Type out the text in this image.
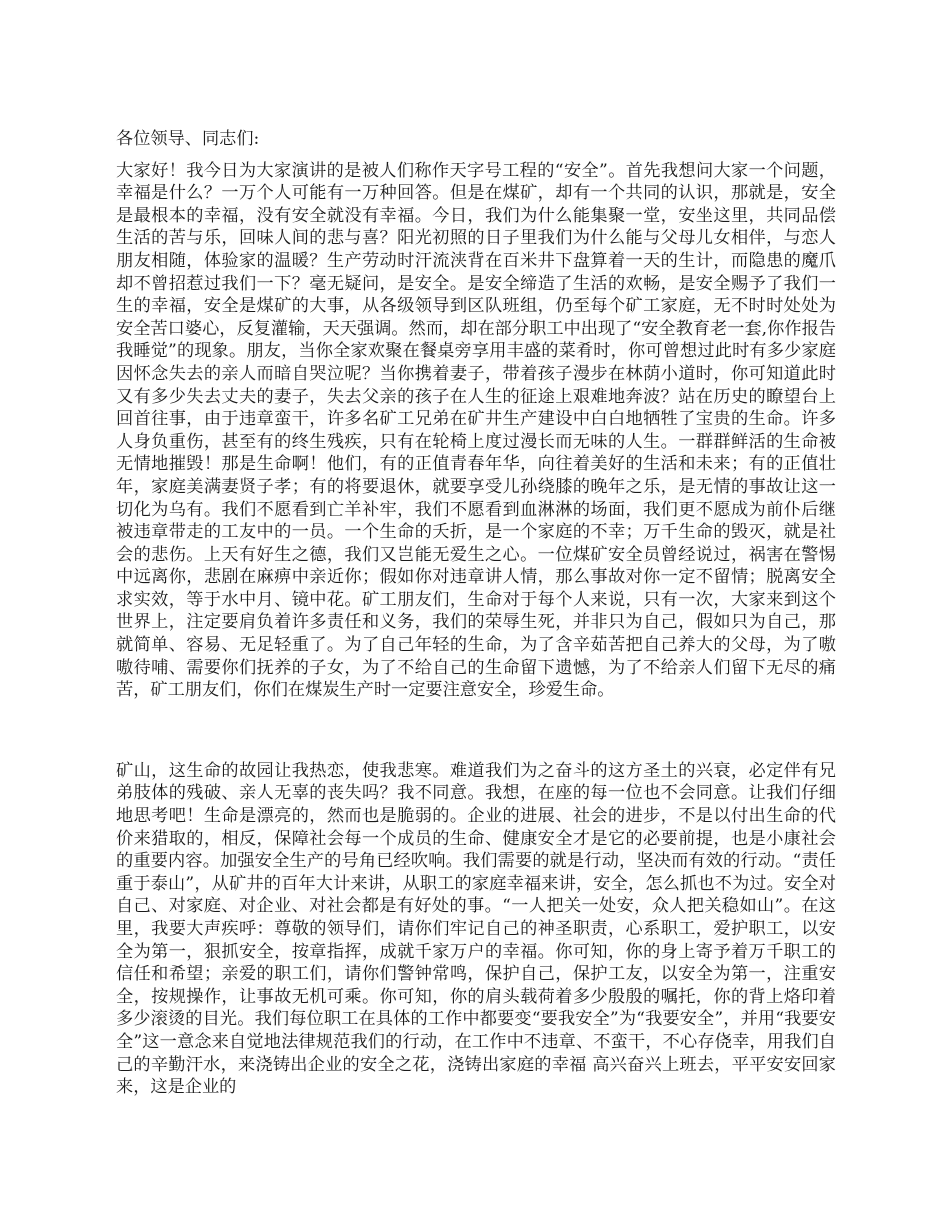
各位领导、同志们:

大家好！我今日为大家演讲的是被人们称作天字号工程的“安全”。首先我想问大家一个问题，幸福是什么？一万个人可能有一万种回答。但是在煤矿，却有一个共同的认识，那就是，安全是最根本的幸福，没有安全就没有幸福。今日，我们为什么能集聚一堂，安坐这里，共同品偿生活的苦与乐，回味人间的悲与喜？阳光初照的日子里我们为什么能与父母儿女相伴，与恋人朋友相随，体验家的温暖？生产劳动时汗流浃背在百米井下盘算着一天的生计，而隐患的魔爪却不曾招惹过我们一下？毫无疑问，是安全。是安全缔造了生活的欢畅，是安全赐予了我们一生的幸福，安全是煤矿的大事，从各级领导到区队班组，仍至每个矿工家庭，无不时时处处为安全苦口婆心，反复灌输，天天强调。然而，却在部分职工中出现了“安全教育老一套,你作报告我睡觉”的现象。朋友，当你全家欢聚在餐桌旁享用丰盛的菜肴时，你可曾想过此时有多少家庭因怀念失去的亲人而暗自哭泣呢？当你携着妻子，带着孩子漫步在林荫小道时，你可知道此时又有多少失去丈夫的妻子，失去父亲的孩子在人生的征途上艰难地奔波？站在历史的瞭望台上回首往事，由于违章蛮干，许多名矿工兄弟在矿井生产建设中白白地牺牲了宝贵的生命。许多人身负重伤，甚至有的终生残疾，只有在轮椅上度过漫长而无味的人生。一群群鲜活的生命被无情地摧毁！那是生命啊！他们，有的正值青春年华，向往着美好的生活和未来；有的正值壮年，家庭美满妻贤子孝；有的将要退休，就要享受儿孙绕膝的晚年之乐，是无情的事故让这一切化为乌有。我们不愿看到亡羊补牢，我们不愿看到血淋淋的场面，我们更不愿成为前仆后继被违章带走的工友中的一员。一个生命的夭折，是一个家庭的不幸；万千生命的毁灭，就是社会的悲伤。上天有好生之德，我们又岂能无爱生之心。一位煤矿安全员曾经说过，祸害在警惕中远离你，悲剧在麻痹中亲近你；假如你对违章讲人情，那么事故对你一定不留情；脱离安全求实效，等于水中月、镜中花。矿工朋友们，生命对于每个人来说，只有一次，大家来到这个世界上，注定要肩负着许多责任和义务，我们的荣辱生死，并非只为自己，假如只为自己，那就简单、容易、无足轻重了。为了自己年轻的生命，为了含辛茹苦把自己养大的父母，为了嗷嗷待哺、需要你们抚养的子女，为了不给自己的生命留下遗憾，为了不给亲人们留下无尽的痛苦，矿工朋友们，你们在煤炭生产时一定要注意安全，珍爱生命。

矿山，这生命的故园让我热恋，使我悲寒。难道我们为之奋斗的这方圣土的兴衰，必定伴有兄弟肢体的残破、亲人无辜的丧失吗？我不同意。我想，在座的每一位也不会同意。让我们仔细地思考吧！生命是漂亮的，然而也是脆弱的。企业的进展、社会的进步，不是以付出生命的代价来猎取的，相反，保障社会每一个成员的生命、健康安全才是它的必要前提，也是小康社会的重要内容。加强安全生产的号角已经吹响。我们需要的就是行动，坚决而有效的行动。“责任重于泰山”，从矿井的百年大计来讲，从职工的家庭幸福来讲，安全，怎么抓也不为过。安全对自己、对家庭、对企业、对社会都是有好处的事。“一人把关一处安，众人把关稳如山”。在这里，我要大声疾呼：尊敬的领导们，请你们牢记自己的神圣职责，心系职工，爱护职工，以安全为第一，狠抓安全，按章指挥，成就千家万户的幸福。你可知，你的身上寄予着万千职工的信任和希望；亲爱的职工们，请你们警钟常鸣，保护自己，保护工友，以安全为第一，注重安全，按规操作，让事故无机可乘。你可知，你的肩头载荷着多少殷殷的嘱托，你的背上烙印着多少滚烫的目光。我们每位职工在具体的工作中都要变“要我安全”为“我要安全”，并用“我要安全”这一意念来自觉地法律规范我们的行动，在工作中不违章、不蛮干，不心存侥幸，用我们自己的辛勤汗水，来浇铸出企业的安全之花，浇铸出家庭的幸福 高兴奋兴上班去，平平安安回家来，这是企业的
